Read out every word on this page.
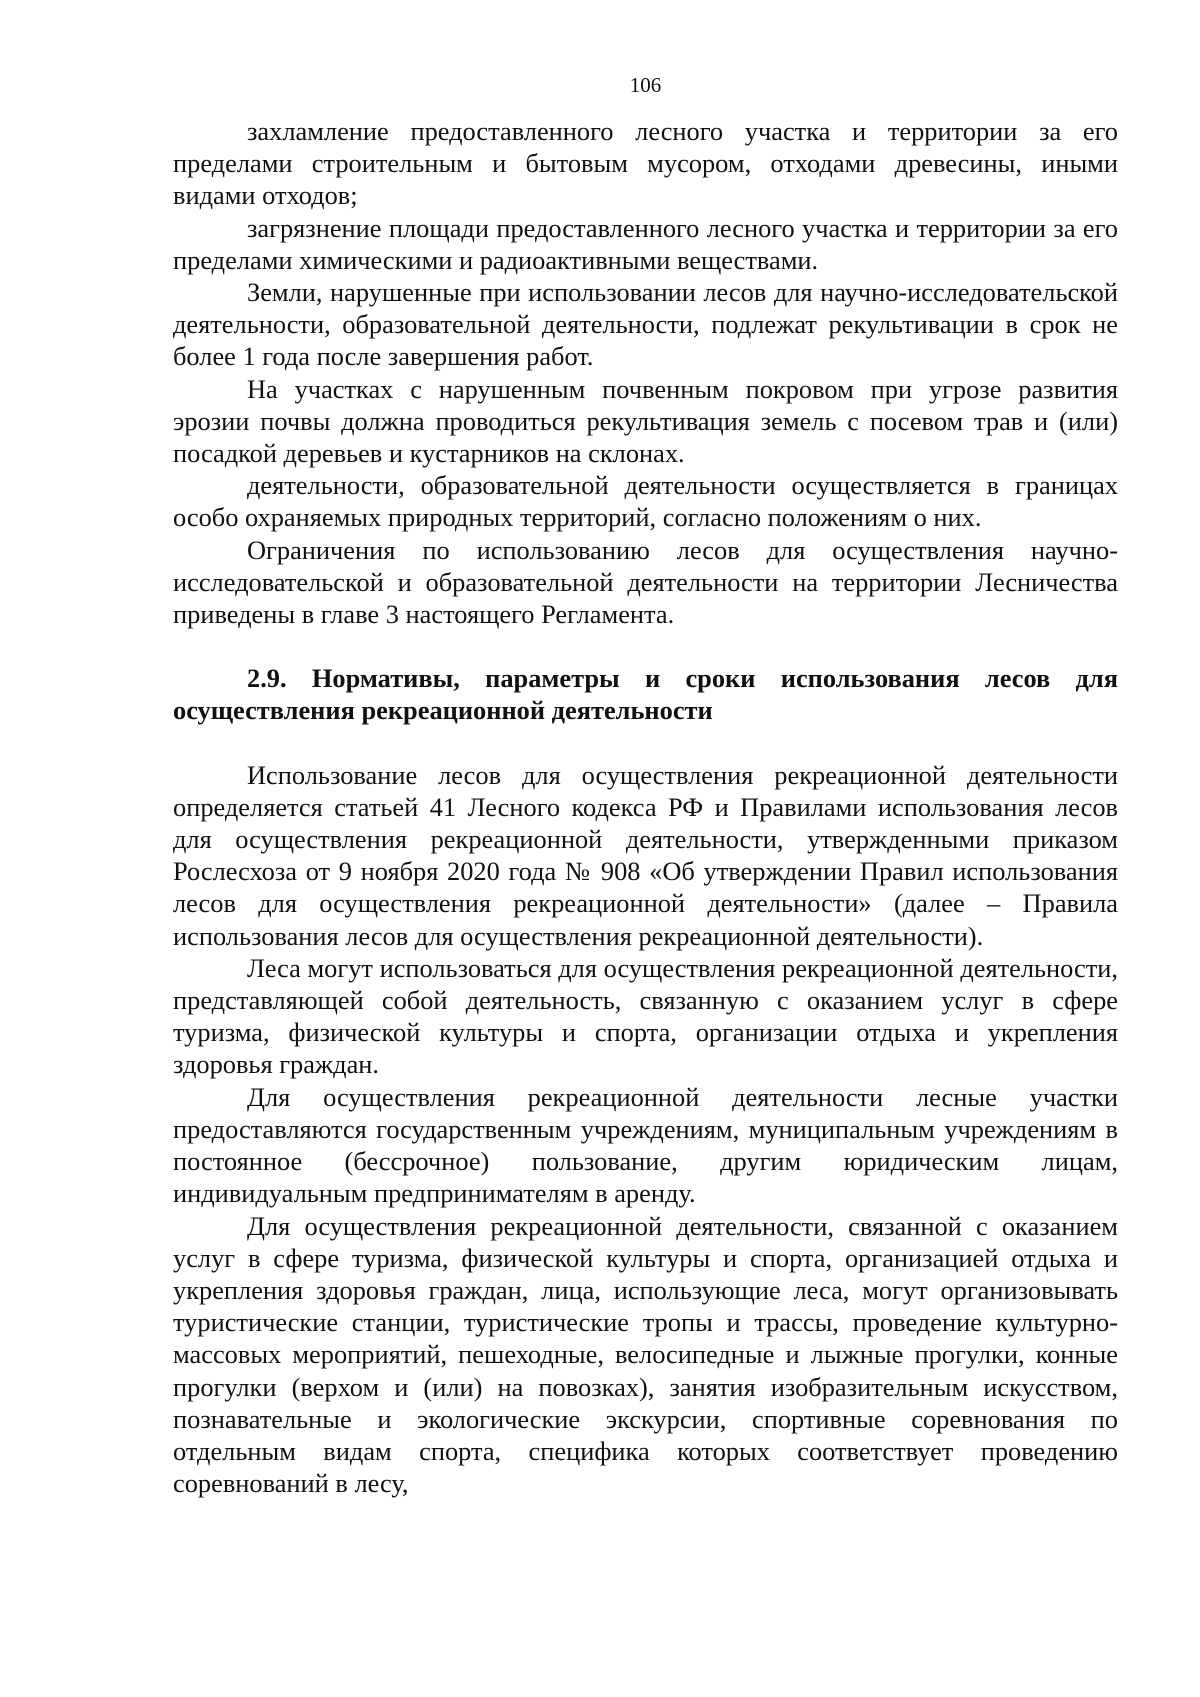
106

захламление предоставленного лесного участка и территории за его пределами строительным и бытовым мусором, отходами древесины, иными видами отходов;

загрязнение площади предоставленного лесного участка и территории за его пределами химическими и радиоактивными веществами.

Земли, нарушенные при использовании лесов для научно-исследовательской деятельности, образовательной деятельности, подлежат рекультивации в срок не более 1 года после завершения работ.

На участках с нарушенным почвенным покровом при угрозе развития эрозии почвы должна проводиться рекультивация земель с посевом трав и (или) посадкой деревьев и кустарников на склонах.

деятельности, образовательной деятельности осуществляется в границах особо охраняемых природных территорий, согласно положениям о них.

Ограничения по использованию лесов для осуществления научно-исследовательской и образовательной деятельности на территории Лесничества приведены в главе 3 настоящего Регламента.

2.9. Нормативы, параметры и сроки использования лесов для осуществления рекреационной деятельности

Использование лесов для осуществления рекреационной деятельности определяется статьей 41 Лесного кодекса РФ и Правилами использования лесов для осуществления рекреационной деятельности, утвержденными приказом Рослесхоза от 9 ноября 2020 года № 908 «Об утверждении Правил использования лесов для осуществления рекреационной деятельности» (далее – Правила использования лесов для осуществления рекреационной деятельности).

Леса могут использоваться для осуществления рекреационной деятельности, представляющей собой деятельность, связанную с оказанием услуг в сфере туризма, физической культуры и спорта, организации отдыха и укрепления здоровья граждан.

Для осуществления рекреационной деятельности лесные участки предоставляются государственным учреждениям, муниципальным учреждениям в постоянное (бессрочное) пользование, другим юридическим лицам, индивидуальным предпринимателям в аренду.

Для осуществления рекреационной деятельности, связанной с оказанием услуг в сфере туризма, физической культуры и спорта, организацией отдыха и укрепления здоровья граждан, лица, использующие леса, могут организовывать туристические станции, туристические тропы и трассы, проведение культурно-массовых мероприятий, пешеходные, велосипедные и лыжные прогулки, конные прогулки (верхом и (или) на повозках), занятия изобразительным искусством, познавательные и экологические экскурсии, спортивные соревнования по отдельным видам спорта, специфика которых соответствует проведению соревнований в лесу,
